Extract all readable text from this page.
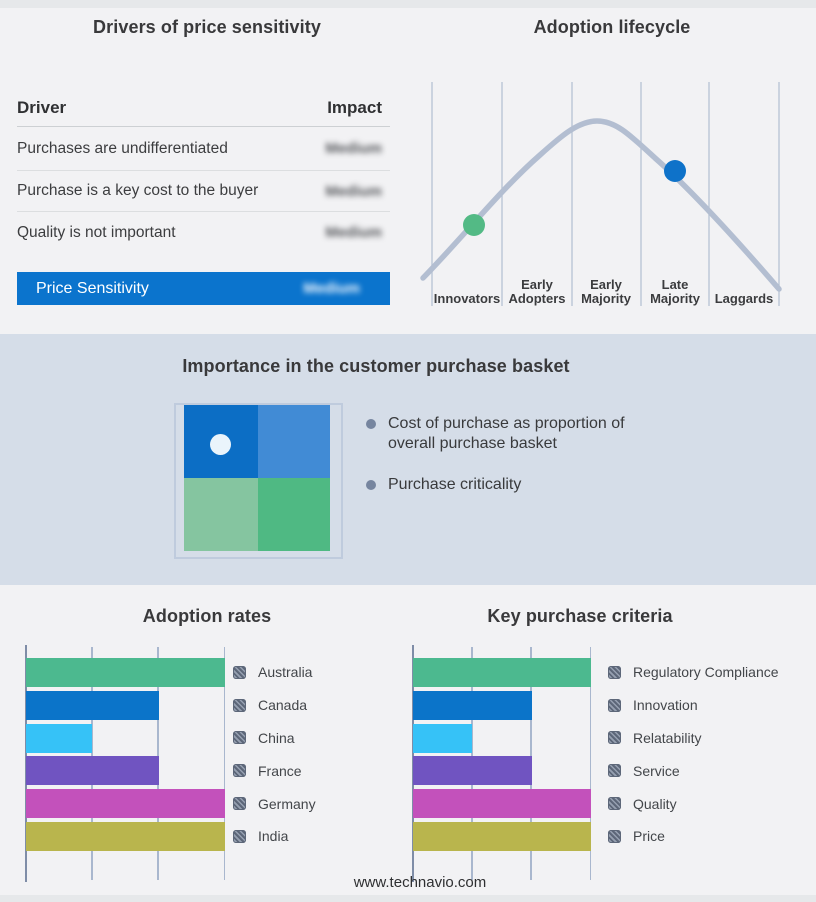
Drivers of price sensitivity
Driver	Impact
Purchases are undifferentiated	Medium
Purchase is a key cost to the buyer	Medium
Quality is not important	Medium
Price Sensitivity	Medium
Adoption lifecycle
Innovators
Early Adopters
Early Majority
Late Majority	Laggards
Importance in the customer purchase basket
Cost of purchase as proportion of overall purchase basket
Purchase criticality
Adoption rates
Australia
Canada
China
France
Germany
India
Key purchase criteria
Regulatory Compliance
Innovation
Relatability
Service
Quality
Price
www.technavio.com
